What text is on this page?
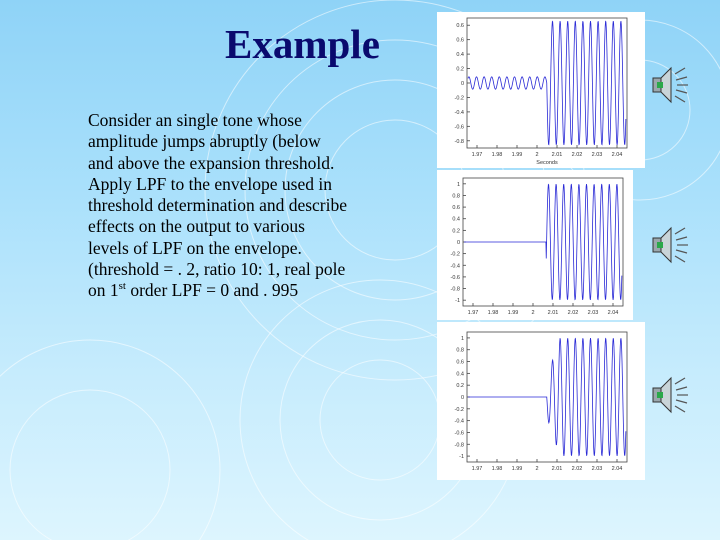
Example

Consider an single tone whose

amplitude jumps abruptly (below

and above the expansion threshold.

Apply LPF to the envelope used in

threshold determination and describe

effects on the output to various

levels of LPF on the envelope.

(threshold = . 2, ratio 10: 1, real pole

on 1st order LPF = 0 and . 995

0.6
0.6
0.4
0.2
0
-0.2
-0.4
-0.6
-0.8
1.97 1.98 1.99 2 2.01 2.02 2.03 2.04
Seconds
1
0.8
0.6
0.4
0.2
0
-0.2
-0.4
-0.6
-0.8
-1
1.97 1.98 1.99 2 2.01 2.02 2.03 2.04
1
0.8
0.6
0.4
0.2
0
-0.2
-0.4
-0.6
-0.8
-1
1.97 1.98 1.99 2 2.01 2.02 2.03 2.04
